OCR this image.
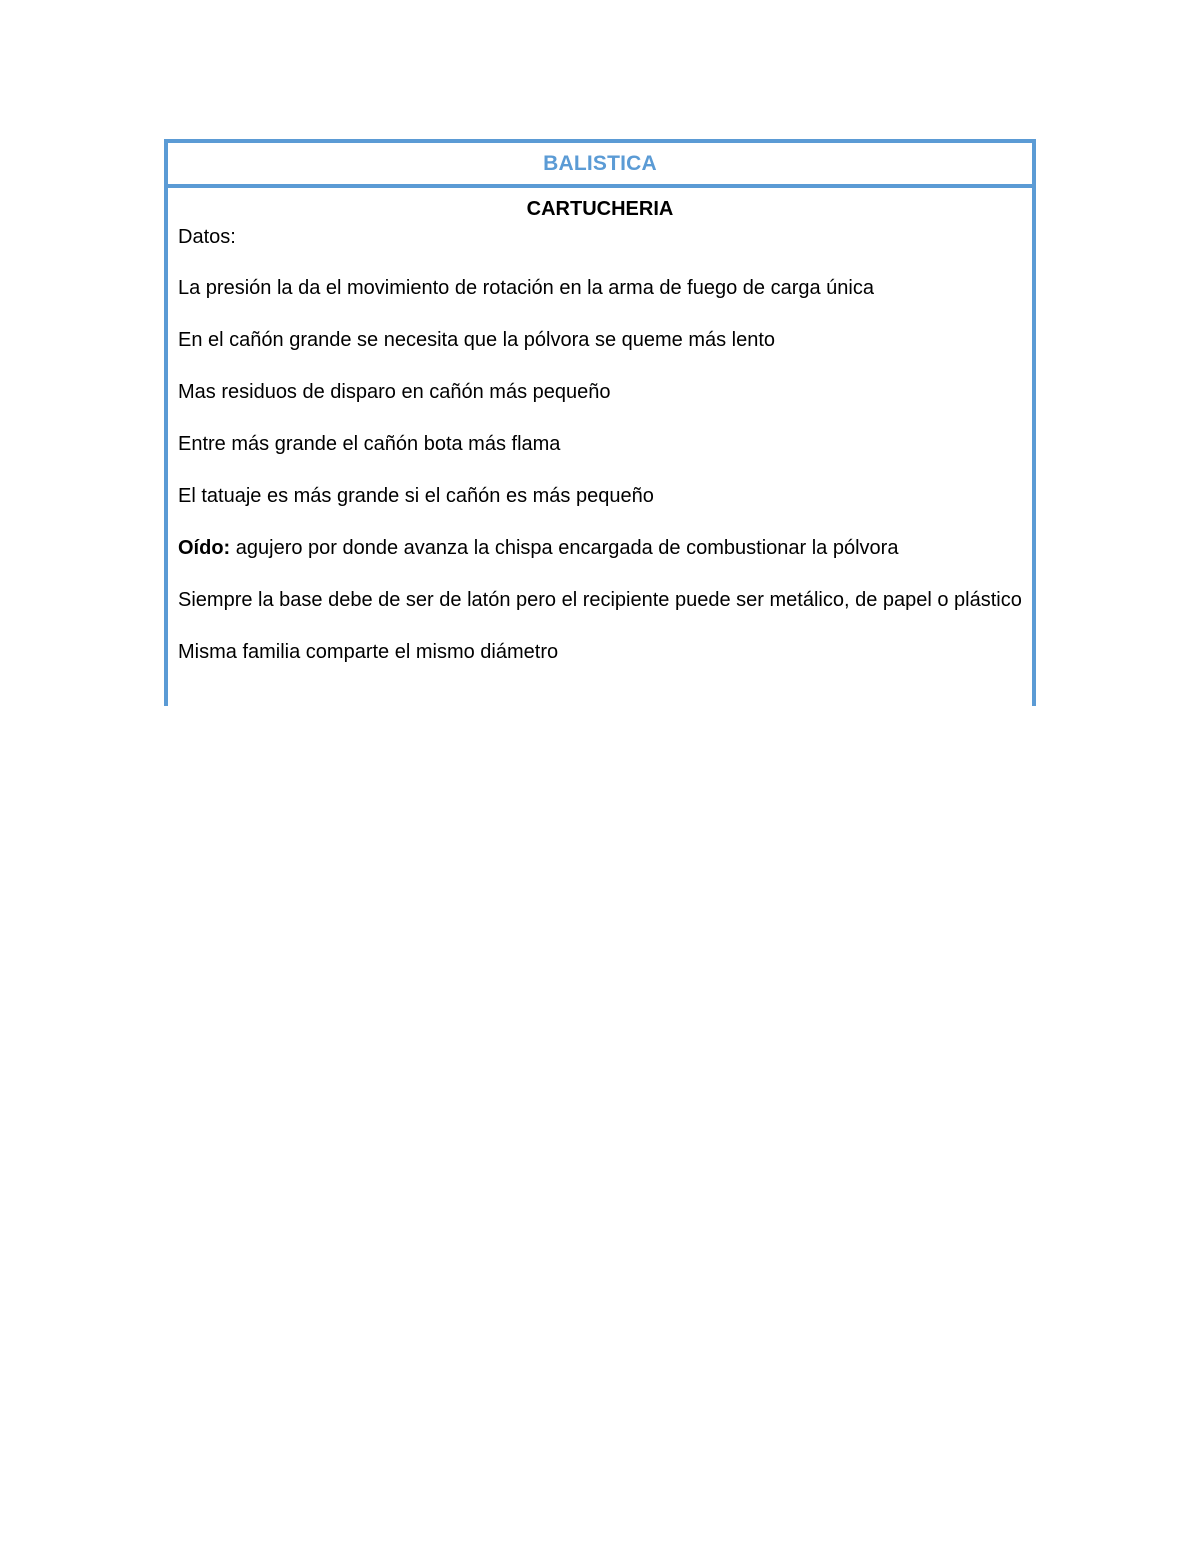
BALISTICA

CARTUCHERIA

Datos:

La presión la da el movimiento de rotación en la arma de fuego de carga única

En el cañón grande se necesita que la pólvora se queme más lento

Mas residuos de disparo en cañón más pequeño

Entre más grande el cañón bota más flama

El tatuaje es más grande si el cañón es más pequeño

Oído: agujero por donde avanza la chispa encargada de combustionar la pólvora

Siempre la base debe de ser de latón pero el recipiente puede ser metálico, de papel o plástico

Misma familia comparte el mismo diámetro
